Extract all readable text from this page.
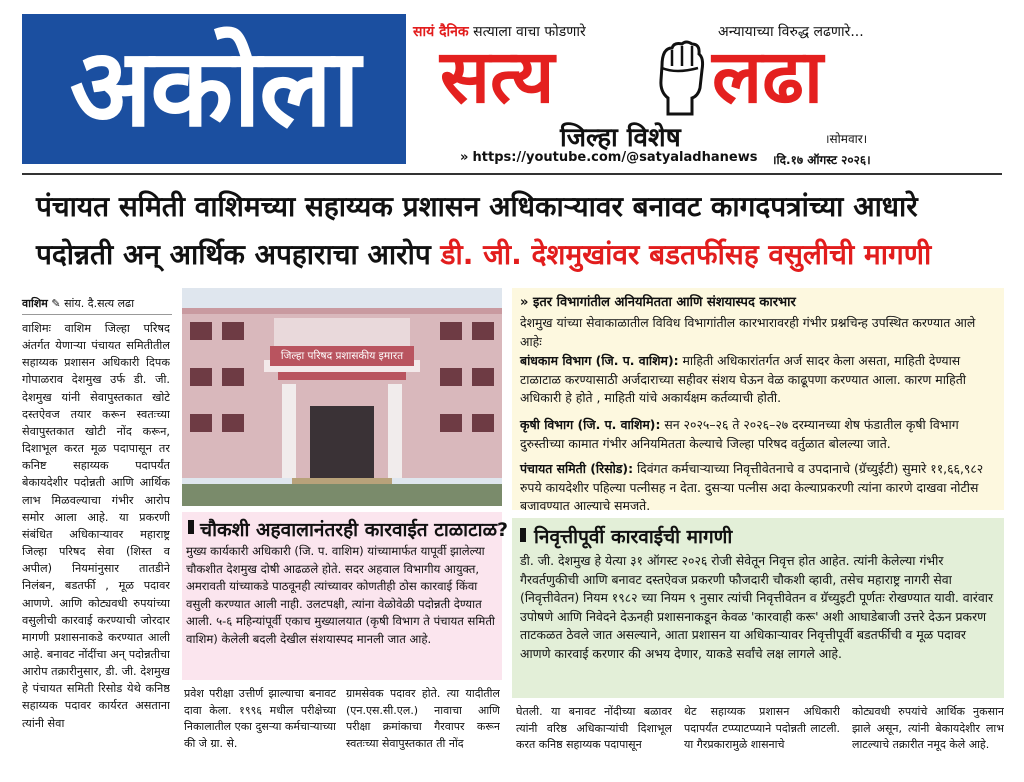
अकोला	सायं दैनिक सत्याला वाचा फोडणारे	अन्यायाच्या विरुद्ध लढणारे...
सत्य लढा
जिल्हा विशेष	।सोमवार।
» https://youtube.com/@satyaladhanews ।दि.१७ ऑगस्ट २०२६।
पंचायत समिती वाशिमच्या सहाय्यक प्रशासन अधिकाऱ्यावर बनावट कागदपत्रांच्या आधारे
पदोन्नती अन् आर्थिक अपहाराचा आरोप डी. जी. देशमुखांवर बडतर्फीसह वसुलीची मागणी
वाशिम ✎ सांय. दै.सत्य लढा
वाशिमः वाशिम जिल्हा परिषद अंतर्गत येणाऱ्या पंचायत समितीतील सहाय्यक प्रशासन अधिकारी दिपक गोपाळराव देशमुख उर्फ डी. जी. देशमुख यांनी सेवापुस्तकात खोटे दस्तऐवज तयार करून स्वतःच्या सेवापुस्तकात खोटी नोंद करून, दिशाभूल करत मूळ पदापासून तर कनिष्ट सहाय्यक पदापर्यंत बेकायदेशीर पदोन्नती आणि आर्थिक लाभ मिळवल्याचा गंभीर आरोप समोर आला आहे. या प्रकरणी संबंधित अधिकाऱ्यावर महाराष्ट्र जिल्हा परिषद सेवा (शिस्त व अपील) नियमांनुसार तातडीने निलंबन, बडतर्फी , मूळ पदावर आणणे. आणि कोट्यवधी रुपयांच्या वसुलीची कारवाई करण्याची जोरदार मागणी प्रशासनाकडे करण्यात आली आहे. बनावट नोंदींचा अन् पदोन्नतीचा आरोप तक्रारीनुसार, डी. जी. देशमुख हे पंचायत समिती रिसोड येथे कनिष्ठ सहाय्यक पदावर कार्यरत असताना त्यांनी सेवा
जिल्हा परिषद प्रशासकीय इमारत
चौकशी अहवालानंतरही कारवाईत टाळाटाळ?
मुख्य कार्यकारी अधिकारी (जि. प. वाशिम) यांच्यामार्फत यापूर्वी झालेल्या चौकशीत देशमुख दोषी आढळले होते. सदर अहवाल विभागीय आयुक्त, अमरावती यांच्याकडे पाठवूनही त्यांच्यावर कोणतीही ठोस कारवाई किंवा वसुली करण्यात आली नाही. उलटपक्षी, त्यांना वेळोवेळी पदोन्नती देण्यात आली. ५-६ महिन्यांपूर्वी एकाच मुख्यालयात (कृषी विभाग ते पंचायत समिती वाशिम) केलेली बदली देखील संशयास्पद मानली जात आहे.
प्रवेश परीक्षा उत्तीर्ण झाल्याचा बनावट दावा केला. १९९६ मधील परीक्षेच्या निकालातील एका दुसऱ्या कर्मचाऱ्याच्या की जे ग्रा. से.
ग्रामसेवक पदावर होते. त्या यादीतील (एन.एस.सी.एल.) नावाचा आणि परीक्षा क्रमांकाचा गैरवापर करून स्वतःच्या सेवापुस्तकात ती नोंद
घेतली. या बनावट नोंदीच्या बळावर त्यांनी वरिष्ठ अधिकाऱ्यांची दिशाभूल करत कनिष्ठ सहाय्यक पदापासून
थेट सहाय्यक प्रशासन अधिकारी पदापर्यंत टप्प्याटप्प्याने पदोन्नती लाटली. या गैरप्रकारामुळे शासनाचे
कोट्यवधी रुपयांचे आर्थिक नुकसान झाले असून, त्यांनी बेकायदेशीर लाभ लाटल्याचे तक्रारीत नमूद केले आहे.
» इतर विभागांतील अनियमितता आणि संशयास्पद कारभार
देशमुख यांच्या सेवाकाळातील विविध विभागांतील कारभारावरही गंभीर प्रश्नचिन्ह उपस्थित करण्यात आले आहेः
बांधकाम विभाग (जि. प. वाशिम): माहिती अधिकारांतर्गत अर्ज सादर केला असता, माहिती देण्यास टाळाटाळ करण्यासाठी अर्जदाराच्या सहीवर संशय घेऊन वेळ काढूपणा करण्यात आला. कारण माहिती अधिकारी हे होते , माहिती यांचे अकार्यक्षम कर्तव्याची होती.
कृषी विभाग (जि. प. वाशिम): सन २०२५–२६ ते २०२६–२७ दरम्यानच्या शेष फंडातील कृषी विभाग दुरुस्तीच्या कामात गंभीर अनियमितता केल्याचे जिल्हा परिषद वर्तुळात बोलल्या जाते.
पंचायत समिती (रिसोड): दिवंगत कर्मचाऱ्याच्या निवृत्तीवेतनाचे व उपदानाचे (ग्रॅच्युईटी) सुमारे ११,६६,९८२ रुपये कायदेशीर पहिल्या पत्नीसह न देता. दुसऱ्या पत्नीस अदा केल्याप्रकरणी त्यांना कारणे दाखवा नोटीस बजावण्यात आल्याचे समजते.
निवृत्तीपूर्वी कारवाईची मागणी
डी. जी. देशमुख हे येत्या ३१ ऑगस्ट २०२६ रोजी सेवेतून निवृत्त होत आहेत. त्यांनी केलेल्या गंभीर गैरवर्तणुकीची आणि बनावट दस्तऐवज प्रकरणी फौजदारी चौकशी व्हावी, तसेच महाराष्ट्र नागरी सेवा (निवृत्तीवेतन) नियम १९८२ च्या नियम ९ नुसार त्यांची निवृत्तीवेतन व ग्रॅच्युइटी पूर्णतः रोखण्यात यावी. वारंवार उपोषणे आणि निवेदने देऊनही प्रशासनाकडून केवळ 'कारवाही करू' अशी आघाडेबाजी उत्तरे देऊन प्रकरण ताटकळत ठेवले जात असल्याने, आता प्रशासन या अधिकाऱ्यावर निवृत्तीपूर्वी बडतर्फीची व मूळ पदावर आणणे कारवाई करणार की अभय देणार, याकडे सर्वांचे लक्ष लागले आहे.
